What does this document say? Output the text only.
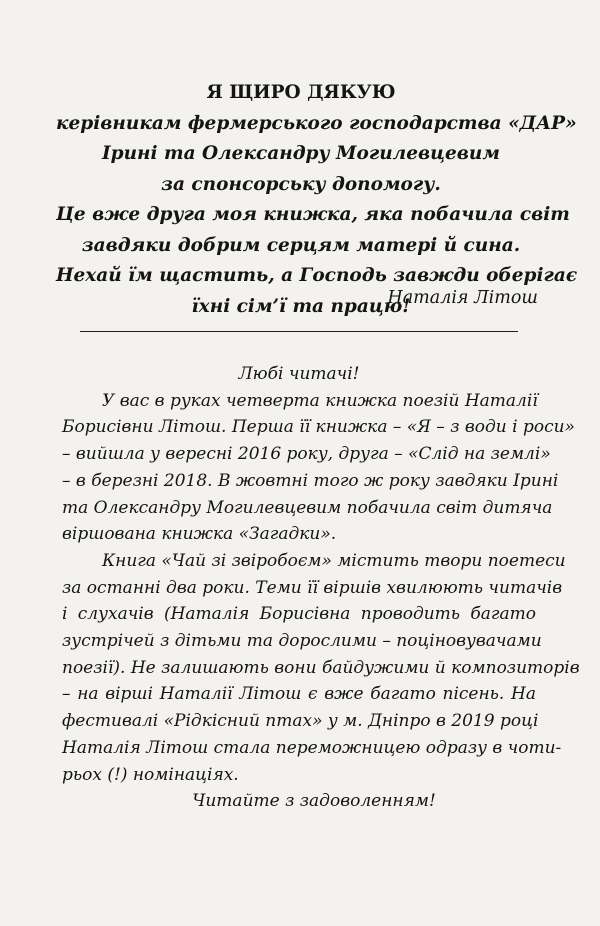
Я ЩИРО ДЯКУЮ
керівникам фермерського господарства «ДАР»
Ірині та Олександру Могилевцевим
за спонсорську допомогу.
Це вже друга моя книжка, яка побачила світ
завдяки добрим серцям матері й сина.
Нехай їм щастить, а Господь завжди оберігає
їхні сім’ї та працю!
Наталія Літош
Любі читачі!
У вас в руках четверта книжка поезій Наталії
Борисівни Літош. Перша її книжка – «Я – з води і роси»
– вийшла у вересні 2016 року, друга – «Слід на землі»
– в березні 2018. В жовтні того ж року завдяки Ірині
та Олександру Могилевцевим побачила світ дитяча
віршована книжка «Загадки».
Книга «Чай зі звіробоєм» містить твори поетеси
за останні два роки. Теми її віршів хвилюють читачів
і слухачів (Наталія Борисівна проводить багато
зустрічей з дітьми та дорослими – поціновувачами
поезії). Не залишають вони байдужими й композиторів
– на вірші Наталії Літош є вже багато пісень. На
фестивалі «Рідкісний птах» у м. Дніпро в 2019 році
Наталія Літош стала переможницею одразу в чоти-
рьох (!) номінаціях.
Читайте з задоволенням!
